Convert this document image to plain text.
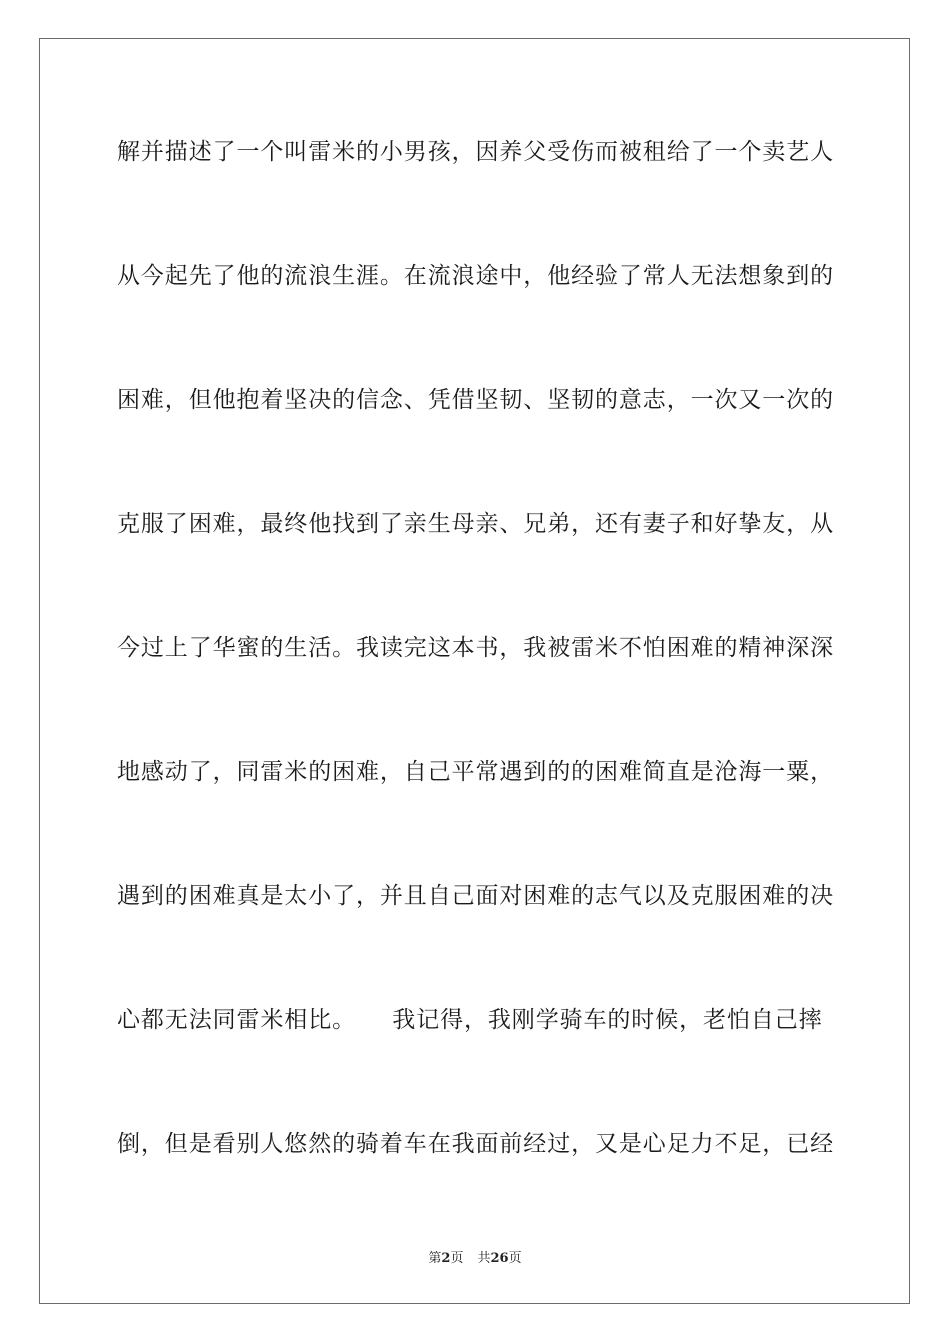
解并描述了一个叫雷米的小男孩，因养父受伤而被租给了一个卖艺人

从今起先了他的流浪生涯。在流浪途中，他经验了常人无法想象到的

困难，但他抱着坚决的信念、凭借坚韧、坚韧的意志，一次又一次的

克服了困难，最终他找到了亲生母亲、兄弟，还有妻子和好挚友，从

今过上了华蜜的生活。我读完这本书，我被雷米不怕困难的精神深深

地感动了，同雷米的困难，自己平常遇到的的困难简直是沧海一粟，

遇到的困难真是太小了，并且自己面对困难的志气以及克服困难的决

心都无法同雷米相比。　　我记得，我刚学骑车的时候，老怕自己摔

倒，但是看别人悠然的骑着车在我面前经过，又是心足力不足，已经

第2页 共26页
